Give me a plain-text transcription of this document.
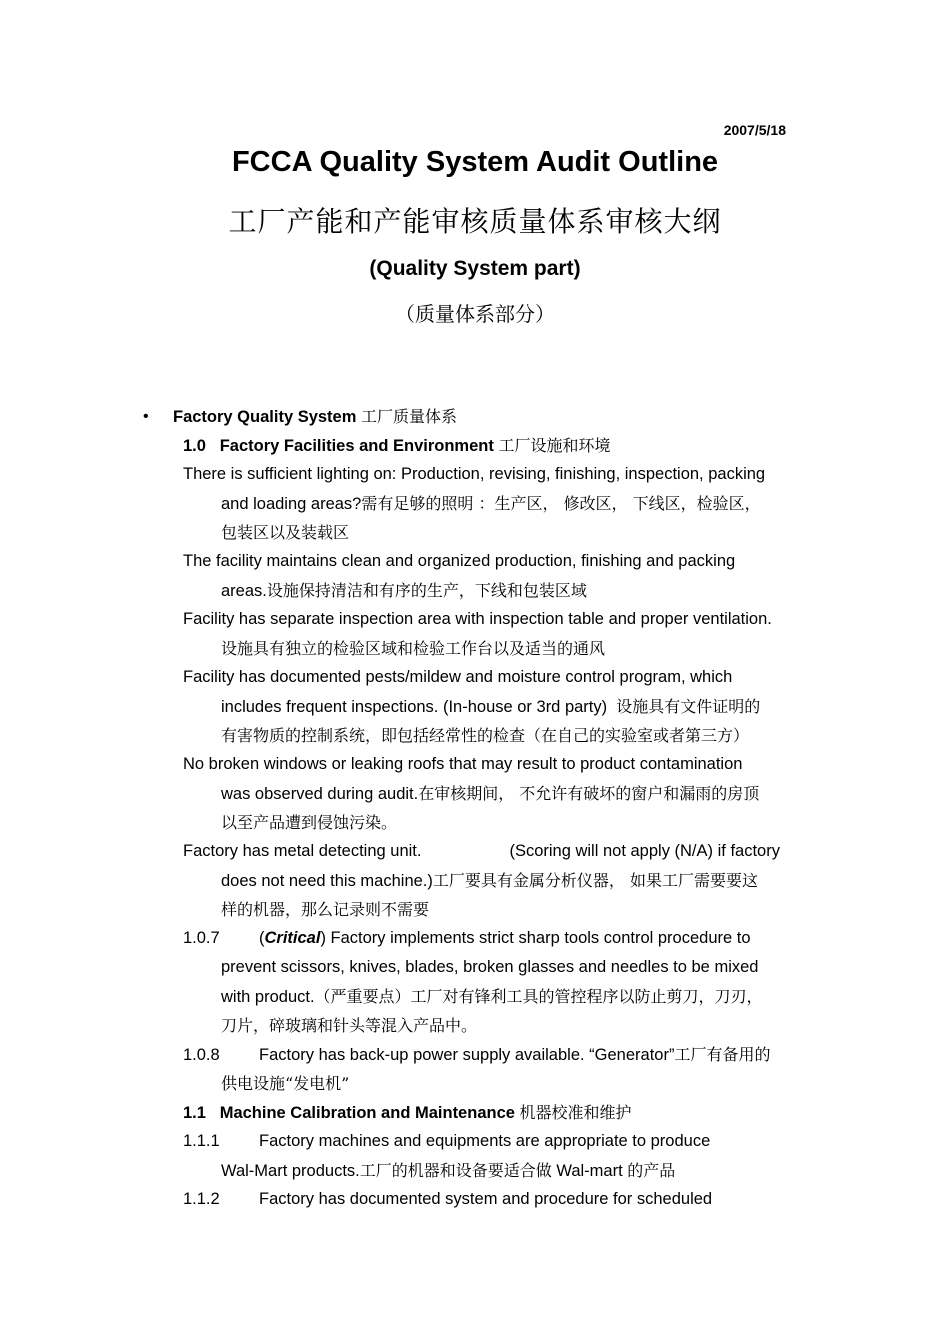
2007/5/18
FCCA Quality System Audit Outline
工厂产能和产能审核质量体系审核大纲
(Quality System part)
（质量体系部分）
• Factory Quality System 工厂质量体系
1.0 Factory Facilities and Environment 工厂设施和环境
There is sufficient lighting on: Production, revising, finishing, inspection, packing
and loading areas?需有足够的照明 ：生产区， 修改区， 下线区，检验区，
包装区以及装载区
The facility maintains clean and organized production, finishing and packing
areas.设施保持清洁和有序的生产，下线和包装区域
Facility has separate inspection area with inspection table and proper ventilation.
设施具有独立的检验区域和检验工作台以及适当的通风
Facility has documented pests/mildew and moisture control program, which
includes frequent inspections. (In-house or 3rd party) 设施具有文件证明的
有害物质的控制系统，即包括经常性的检查（在自己的实验室或者第三方）
No broken windows or leaking roofs that may result to product contamination
was observed during audit.在审核期间， 不允许有破坏的窗户和漏雨的房顶
以至产品遭到侵蚀污染。
Factory has metal detecting unit.	(Scoring will not apply (N/A) if factory
does not need this machine.)工厂要具有金属分析仪器， 如果工厂需要要这
样的机器，那么记录则不需要
1.0.7 (Critical) Factory implements strict sharp tools control procedure to
prevent scissors, knives, blades, broken glasses and needles to be mixed
with product.（严重要点）工厂对有锋利工具的管控程序以防止剪刀，刀刃，
刀片，碎玻璃和针头等混入产品中。
1.0.8 Factory has back-up power supply available. “Generator”工厂有备用的
供电设施“发电机”
1.1 Machine Calibration and Maintenance 机器校准和维护
1.1.1 Factory machines and equipments are appropriate to produce
Wal-Mart products.工厂的机器和设备要适合做 Wal-mart 的产品
1.1.2 Factory has documented system and procedure for scheduled
